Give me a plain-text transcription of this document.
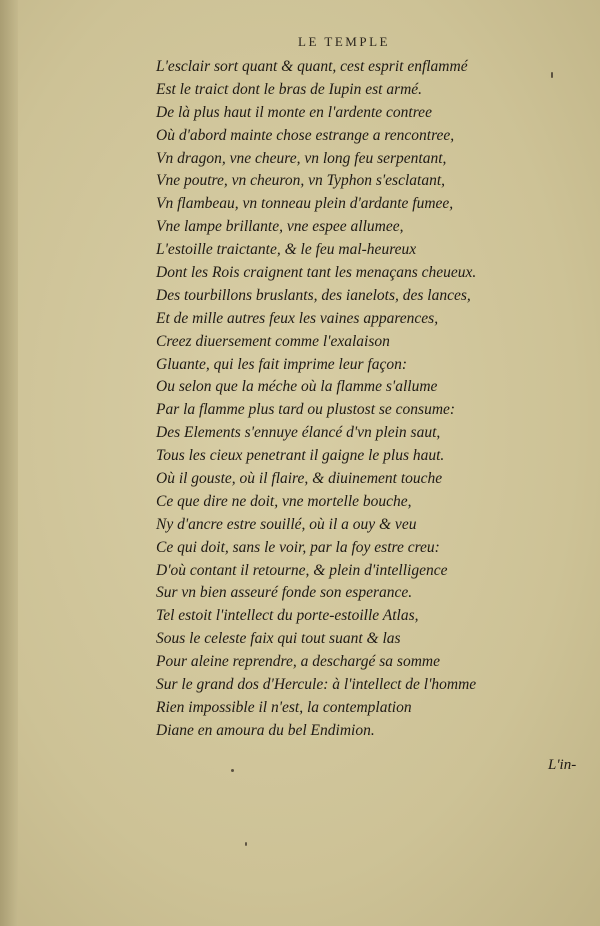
LE TEMPLE
L'esclair sort quant & quant, cest esprit enflammé
Est le traict dont le bras de Iupin est armé.
De là plus haut il monte en l'ardente contree
Où d'abord mainte chose estrange a rencontree,
Vn dragon, vne cheure, vn long feu serpentant,
Vne poutre, vn cheuron, vn Typhon s'esclatant,
Vn flambeau, vn tonneau plein d'ardante fumee,
Vne lampe brillante, vne espee allumee,
L'estoille traictante, & le feu mal-heureux
Dont les Rois craignent tant les menaçans cheueux.
Des tourbillons bruslants, des ianelots, des lances,
Et de mille autres feux les vaines apparences,
Creez diuersement comme l'exalaison
Gluante, qui les fait imprime leur façon:
Ou selon que la méche où la flamme s'allume
Par la flamme plus tard ou plustost se consume:
Des Elements s'ennuye élancé d'vn plein saut,
Tous les cieux penetrant il gaigne le plus haut.
Où il gouste, où il flaire, & diuinement touche
Ce que dire ne doit, vne mortelle bouche,
Ny d'ancre estre souillé, où il a ouy & veu
Ce qui doit, sans le voir, par la foy estre creu:
D'où contant il retourne, & plein d'intelligence
Sur vn bien asseuré fonde son esperance.
Tel estoit l'intellect du porte-estoille Atlas,
Sous le celeste faix qui tout suant & las
Pour aleine reprendre, a deschargé sa somme
Sur le grand dos d'Hercule: à l'intellect de l'homme
Rien impossible il n'est, la contemplation
Diane en amoura du bel Endimion.
L'in-
